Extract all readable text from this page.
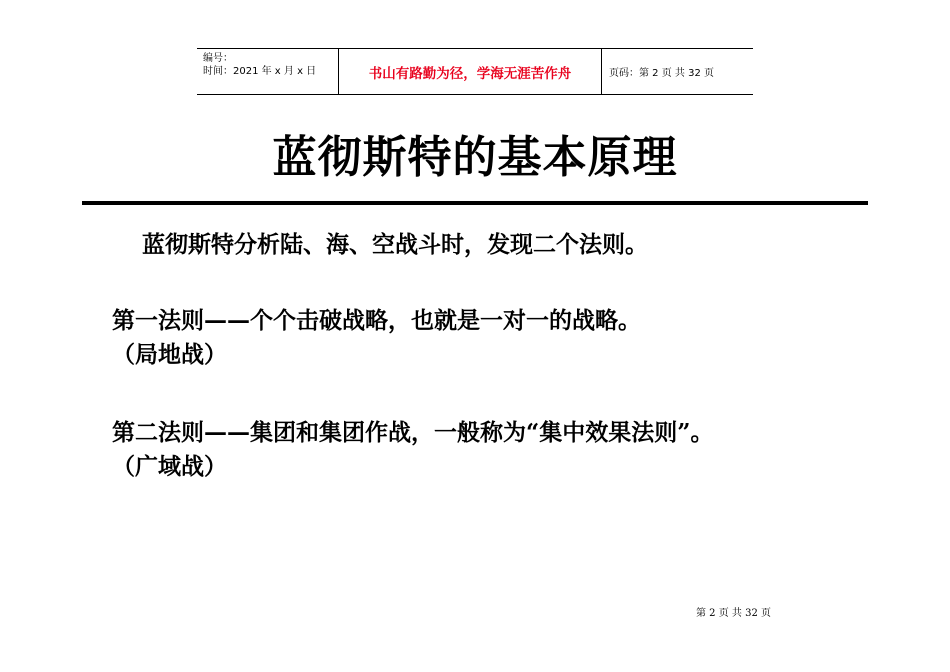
编号：
时间：2021 年 x 月 x 日	书山有路勤为径，学海无涯苦作舟	页码：第 2 页 共 32 页
蓝彻斯特的基本原理
蓝彻斯特分析陆、海、空战斗时，发现二个法则。
第一法则——个个击破战略，也就是一对一的战略。
（局地战）
第二法则——集团和集团作战，一般称为“集中效果法则”。
（广域战）
第 2 页 共 32 页
